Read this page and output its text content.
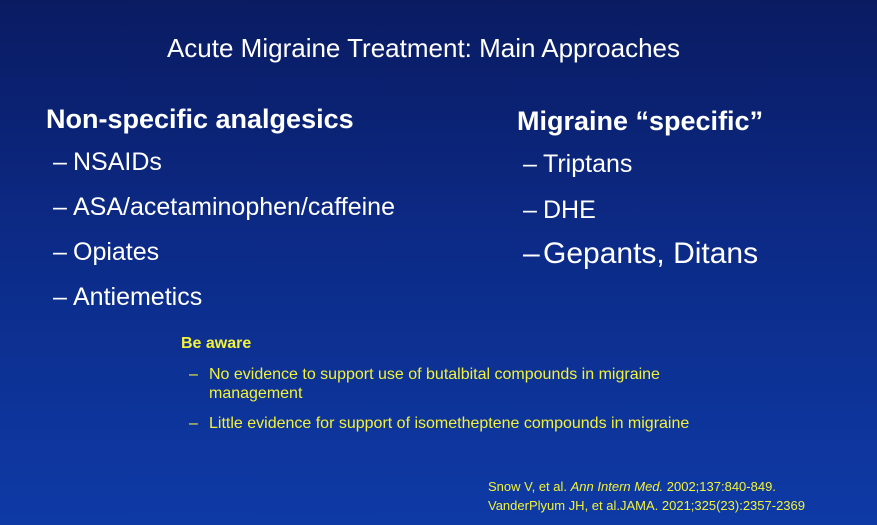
Acute Migraine Treatment: Main Approaches
Non-specific analgesics
– NSAIDs
– ASA/acetaminophen/caffeine
– Opiates
– Antiemetics
Migraine “specific”
– Triptans
– DHE
– Gepants, Ditans
Be aware
– No evidence to support use of butalbital compounds in migraine management
– Little evidence for support of isometheptene compounds in migraine
Snow V, et al. Ann Intern Med. 2002;137:840-849.
VanderPlyum JH, et al.JAMA. 2021;325(23):2357-2369
